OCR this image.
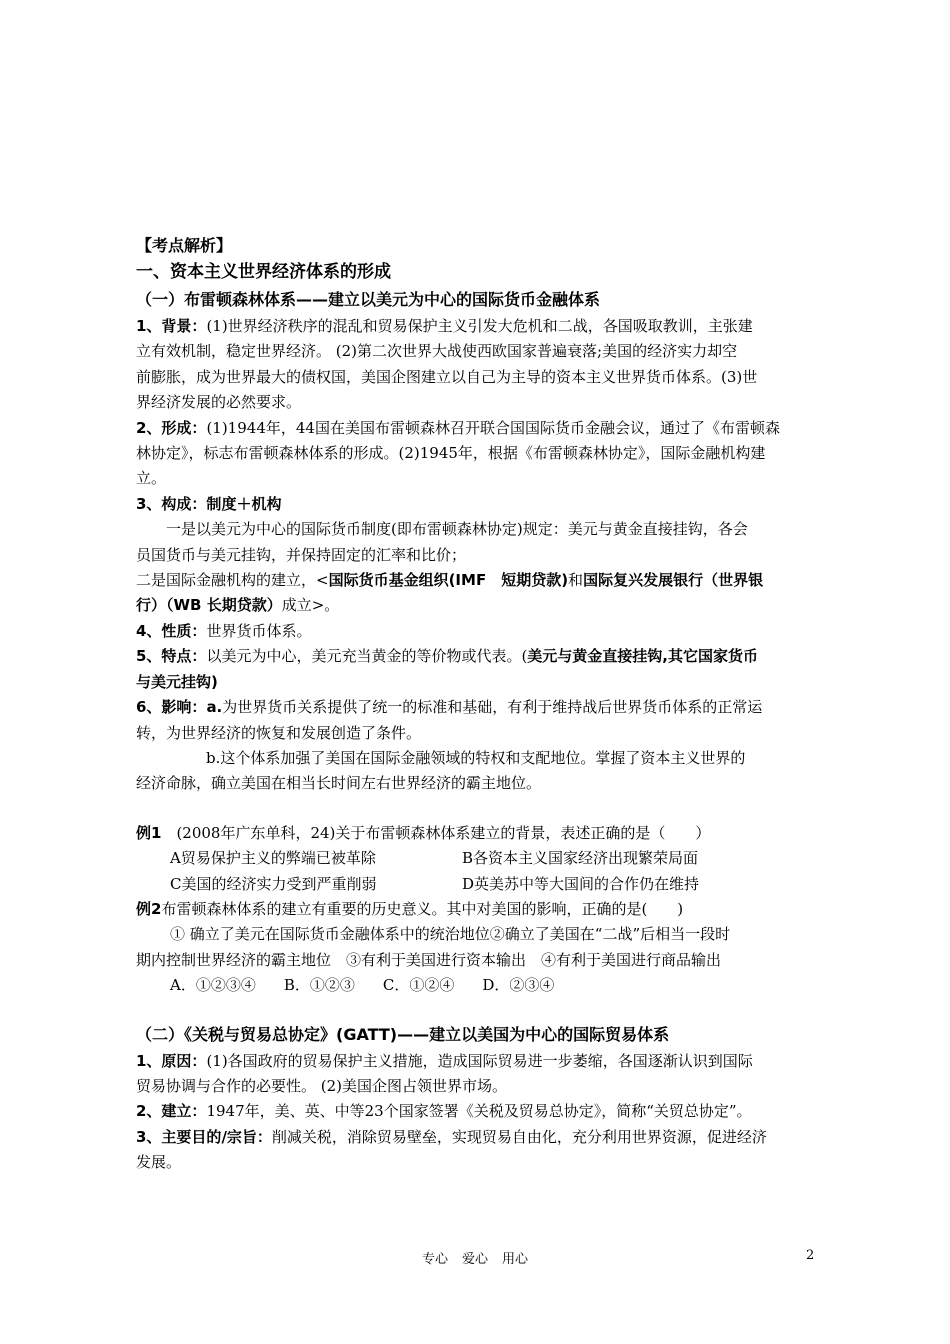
【考点解析】
一、资本主义世界经济体系的形成
（一）布雷顿森林体系——建立以美元为中心的国际货币金融体系
1、背景：(1)世界经济秩序的混乱和贸易保护主义引发大危机和二战，各国吸取教训，主张建
立有效机制，稳定世界经济。 (2)第二次世界大战使西欧国家普遍衰落;美国的经济实力却空
前膨胀，成为世界最大的债权国，美国企图建立以自己为主导的资本主义世界货币体系。(3)世
界经济发展的必然要求。
2、形成：(1)1944年，44国在美国布雷顿森林召开联合国国际货币金融会议，通过了《布雷顿森
林协定》，标志布雷顿森林体系的形成。(2)1945年，根据《布雷顿森林协定》，国际金融机构建
立。
3、构成：制度＋机构
一是以美元为中心的国际货币制度(即布雷顿森林协定)规定：美元与黄金直接挂钩，各会
员国货币与美元挂钩，并保持固定的汇率和比价；
二是国际金融机构的建立，<国际货币基金组织(IMF　短期贷款)和国际复兴发展银行（世界银
行）（WB 长期贷款）成立>。
4、性质：世界货币体系。
5、特点：以美元为中心，美元充当黄金的等价物或代表。(美元与黄金直接挂钩,其它国家货币
与美元挂钩)
6、影响：a.为世界货币关系提供了统一的标准和基础，有利于维持战后世界货币体系的正常运
转，为世界经济的恢复和发展创造了条件。
b.这个体系加强了美国在国际金融领域的特权和支配地位。掌握了资本主义世界的
经济命脉，确立美国在相当长时间左右世界经济的霸主地位。
例1　(2008年广东单科，24)关于布雷顿森林体系建立的背景，表述正确的是（　　）
A贸易保护主义的弊端已被革除	B各资本主义国家经济出现繁荣局面
C美国的经济实力受到严重削弱	D英美苏中等大国间的合作仍在维持
例2布雷顿森林体系的建立有重要的历史意义。其中对美国的影响，正确的是(　　)
① 确立了美元在国际货币金融体系中的统治地位②确立了美国在“二战”后相当一段时
期内控制世界经济的霸主地位　③有利于美国进行资本输出　④有利于美国进行商品输出
A．①②③④ B．①②③ C．①②④ D．②③④
（二）《关税与贸易总协定》(GATT)——建立以美国为中心的国际贸易体系
1、原因：(1)各国政府的贸易保护主义措施，造成国际贸易进一步萎缩，各国逐渐认识到国际
贸易协调与合作的必要性。 (2)美国企图占领世界市场。
2、建立：1947年，美、英、中等23个国家签署《关税及贸易总协定》，简称“关贸总协定”。
3、主要目的/宗旨：削减关税，消除贸易壁垒，实现贸易自由化，充分利用世界资源，促进经济
发展。
专心 爱心 用心	2
